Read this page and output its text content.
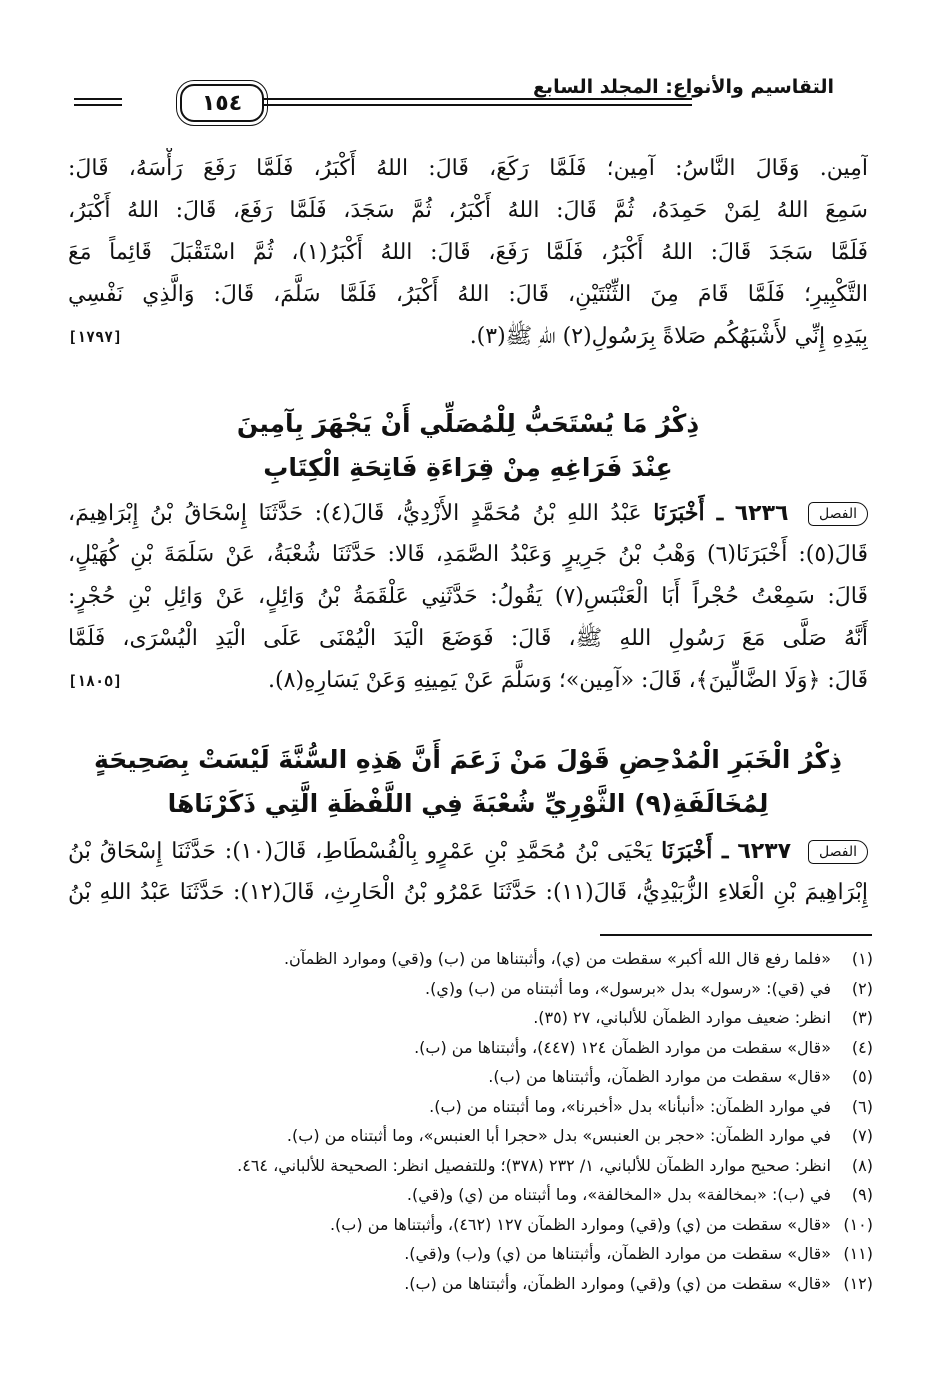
١٥٤
التقاسيم والأنواع: المجلد السابع
آمِين. وَقَالَ النَّاسُ: آمِين؛ فَلَمَّا رَكَعَ، قَالَ: اللهُ أَكْبَرُ، فَلَمَّا رَفَعَ رَأْسَهُ، قَالَ:
سَمِعَ اللهُ لِمَنْ حَمِدَهُ، ثُمَّ قَالَ: اللهُ أَكْبَرُ، ثُمَّ سَجَدَ، فَلَمَّا رَفَعَ، قَالَ: اللهُ أَكْبَرُ،
فَلَمَّا سَجَدَ قَالَ: اللهُ أَكْبَرُ، فَلَمَّا رَفَعَ، قَالَ: اللهُ أَكْبَرُ(١)، ثُمَّ اسْتَقْبَلَ قَائِماً مَعَ
التَّكْبِيرِ؛ فَلَمَّا قَامَ مِنَ الثِّنْتَيْنِ، قَالَ: اللهُ أَكْبَرُ، فَلَمَّا سَلَّمَ، قَالَ: وَالَّذِي نَفْسِي
بِيَدِهِ إِنِّي لأَشْبَهُكُم صَلاةً بِرَسُولِ(٢) اللهِ ﷺ(٣).
[١٧٩٧]
ذِكْرُ مَا يُسْتَحَبُّ لِلْمُصَلِّي أَنْ يَجْهَرَ بِآمِينَ
عِنْدَ فَرَاغِهِ مِنْ قِرَاءَةِ فَاتِحَةِ الْكِتَابِ
الفصل ٦٢٣٦ ـ أَخْبَرَنَا عَبْدُ اللهِ بْنُ مُحَمَّدٍ الأَزْدِيُّ، قَالَ(٤): حَدَّثَنَا إِسْحَاقُ بْنُ إِبْرَاهِيمَ،
قَالَ(٥): أَخْبَرَنَا(٦) وَهْبُ بْنُ جَرِيرٍ وَعَبْدُ الصَّمَدِ، قَالا: حَدَّثَنَا شُعْبَةُ، عَنْ سَلَمَةَ بْنِ كُهَيْلٍ،
قَالَ: سَمِعْتُ حُجْراً أَبَا الْعَنْبَسِ(٧) يَقُولُ: حَدَّثَنِي عَلْقَمَةُ بْنُ وَائِلٍ، عَنْ وَائِلِ بْنِ حُجْرٍ:
أَنَّهُ صَلَّى مَعَ رَسُولِ اللهِ ﷺ، قَالَ: فَوَضَعَ الْيَدَ الْيُمْنَى عَلَى الْيَدِ الْيُسْرَى، فَلَمَّا
قَالَ: ﴿وَلَا الضَّالِّينَ﴾، قَالَ: «آمِين»؛ وَسَلَّمَ عَنْ يَمِينِهِ وَعَنْ يَسَارِهِ(٨).
[١٨٠٥]
ذِكْرُ الْخَبَرِ الْمُدْحِضِ قَوْلَ مَنْ زَعَمَ أَنَّ هَذِهِ السُّنَّةَ لَيْسَتْ بِصَحِيحَةٍ
لِمُخَالَفَةِ(٩) الثَّوْرِيِّ شُعْبَةَ فِي اللَّفْظَةِ الَّتِي ذَكَرْنَاهَا
الفصل ٦٢٣٧ ـ أَخْبَرَنَا يَحْيَى بْنُ مُحَمَّدِ بْنِ عَمْرٍو بِالْفُسْطَاطِ، قَالَ(١٠): حَدَّثَنَا إِسْحَاقُ بْنُ
إِبْرَاهِيمَ بْنِ الْعَلاءِ الزُّبَيْدِيُّ، قَالَ(١١): حَدَّثَنَا عَمْرُو بْنُ الْحَارِثِ، قَالَ(١٢): حَدَّثَنَا عَبْدُ اللهِ بْنُ
(١)«فلما رفع قال الله أكبر» سقطت من (ي)، وأثبتناها من (ب) و(قي) وموارد الظمآن.
(٢)في (قي): «رسول» بدل «برسول»، وما أثبتناه من (ب) و(ي).
(٣)انظر: ضعيف موارد الظمآن للألباني، ٢٧ (٣٥).
(٤)«قال» سقطت من موارد الظمآن ١٢٤ (٤٤٧)، وأثبتناها من (ب).
(٥)«قال» سقطت من موارد الظمآن، وأثبتناها من (ب).
(٦)في موارد الظمآن: «أنبأنا» بدل «أخبرنا»، وما أثبتناه من (ب).
(٧)في موارد الظمآن: «حجر بن العنبس» بدل «حجرا أبا العنبس»، وما أثبتناه من (ب).
(٨)انظر: صحيح موارد الظمآن للألباني، ١/ ٢٣٢ (٣٧٨)؛ وللتفصيل انظر: الصحيحة للألباني، ٤٦٤.
(٩)في (ب): «بمخالفة» بدل «المخالفة»، وما أثبتناه من (ي) و(قي).
(١٠)«قال» سقطت من (ي) و(قي) وموارد الظمآن ١٢٧ (٤٦٢)، وأثبتناها من (ب).
(١١)«قال» سقطت من موارد الظمآن، وأثبتناها من (ي) و(ب) و(قي).
(١٢)«قال» سقطت من (ي) و(قي) وموارد الظمآن، وأثبتناها من (ب).
